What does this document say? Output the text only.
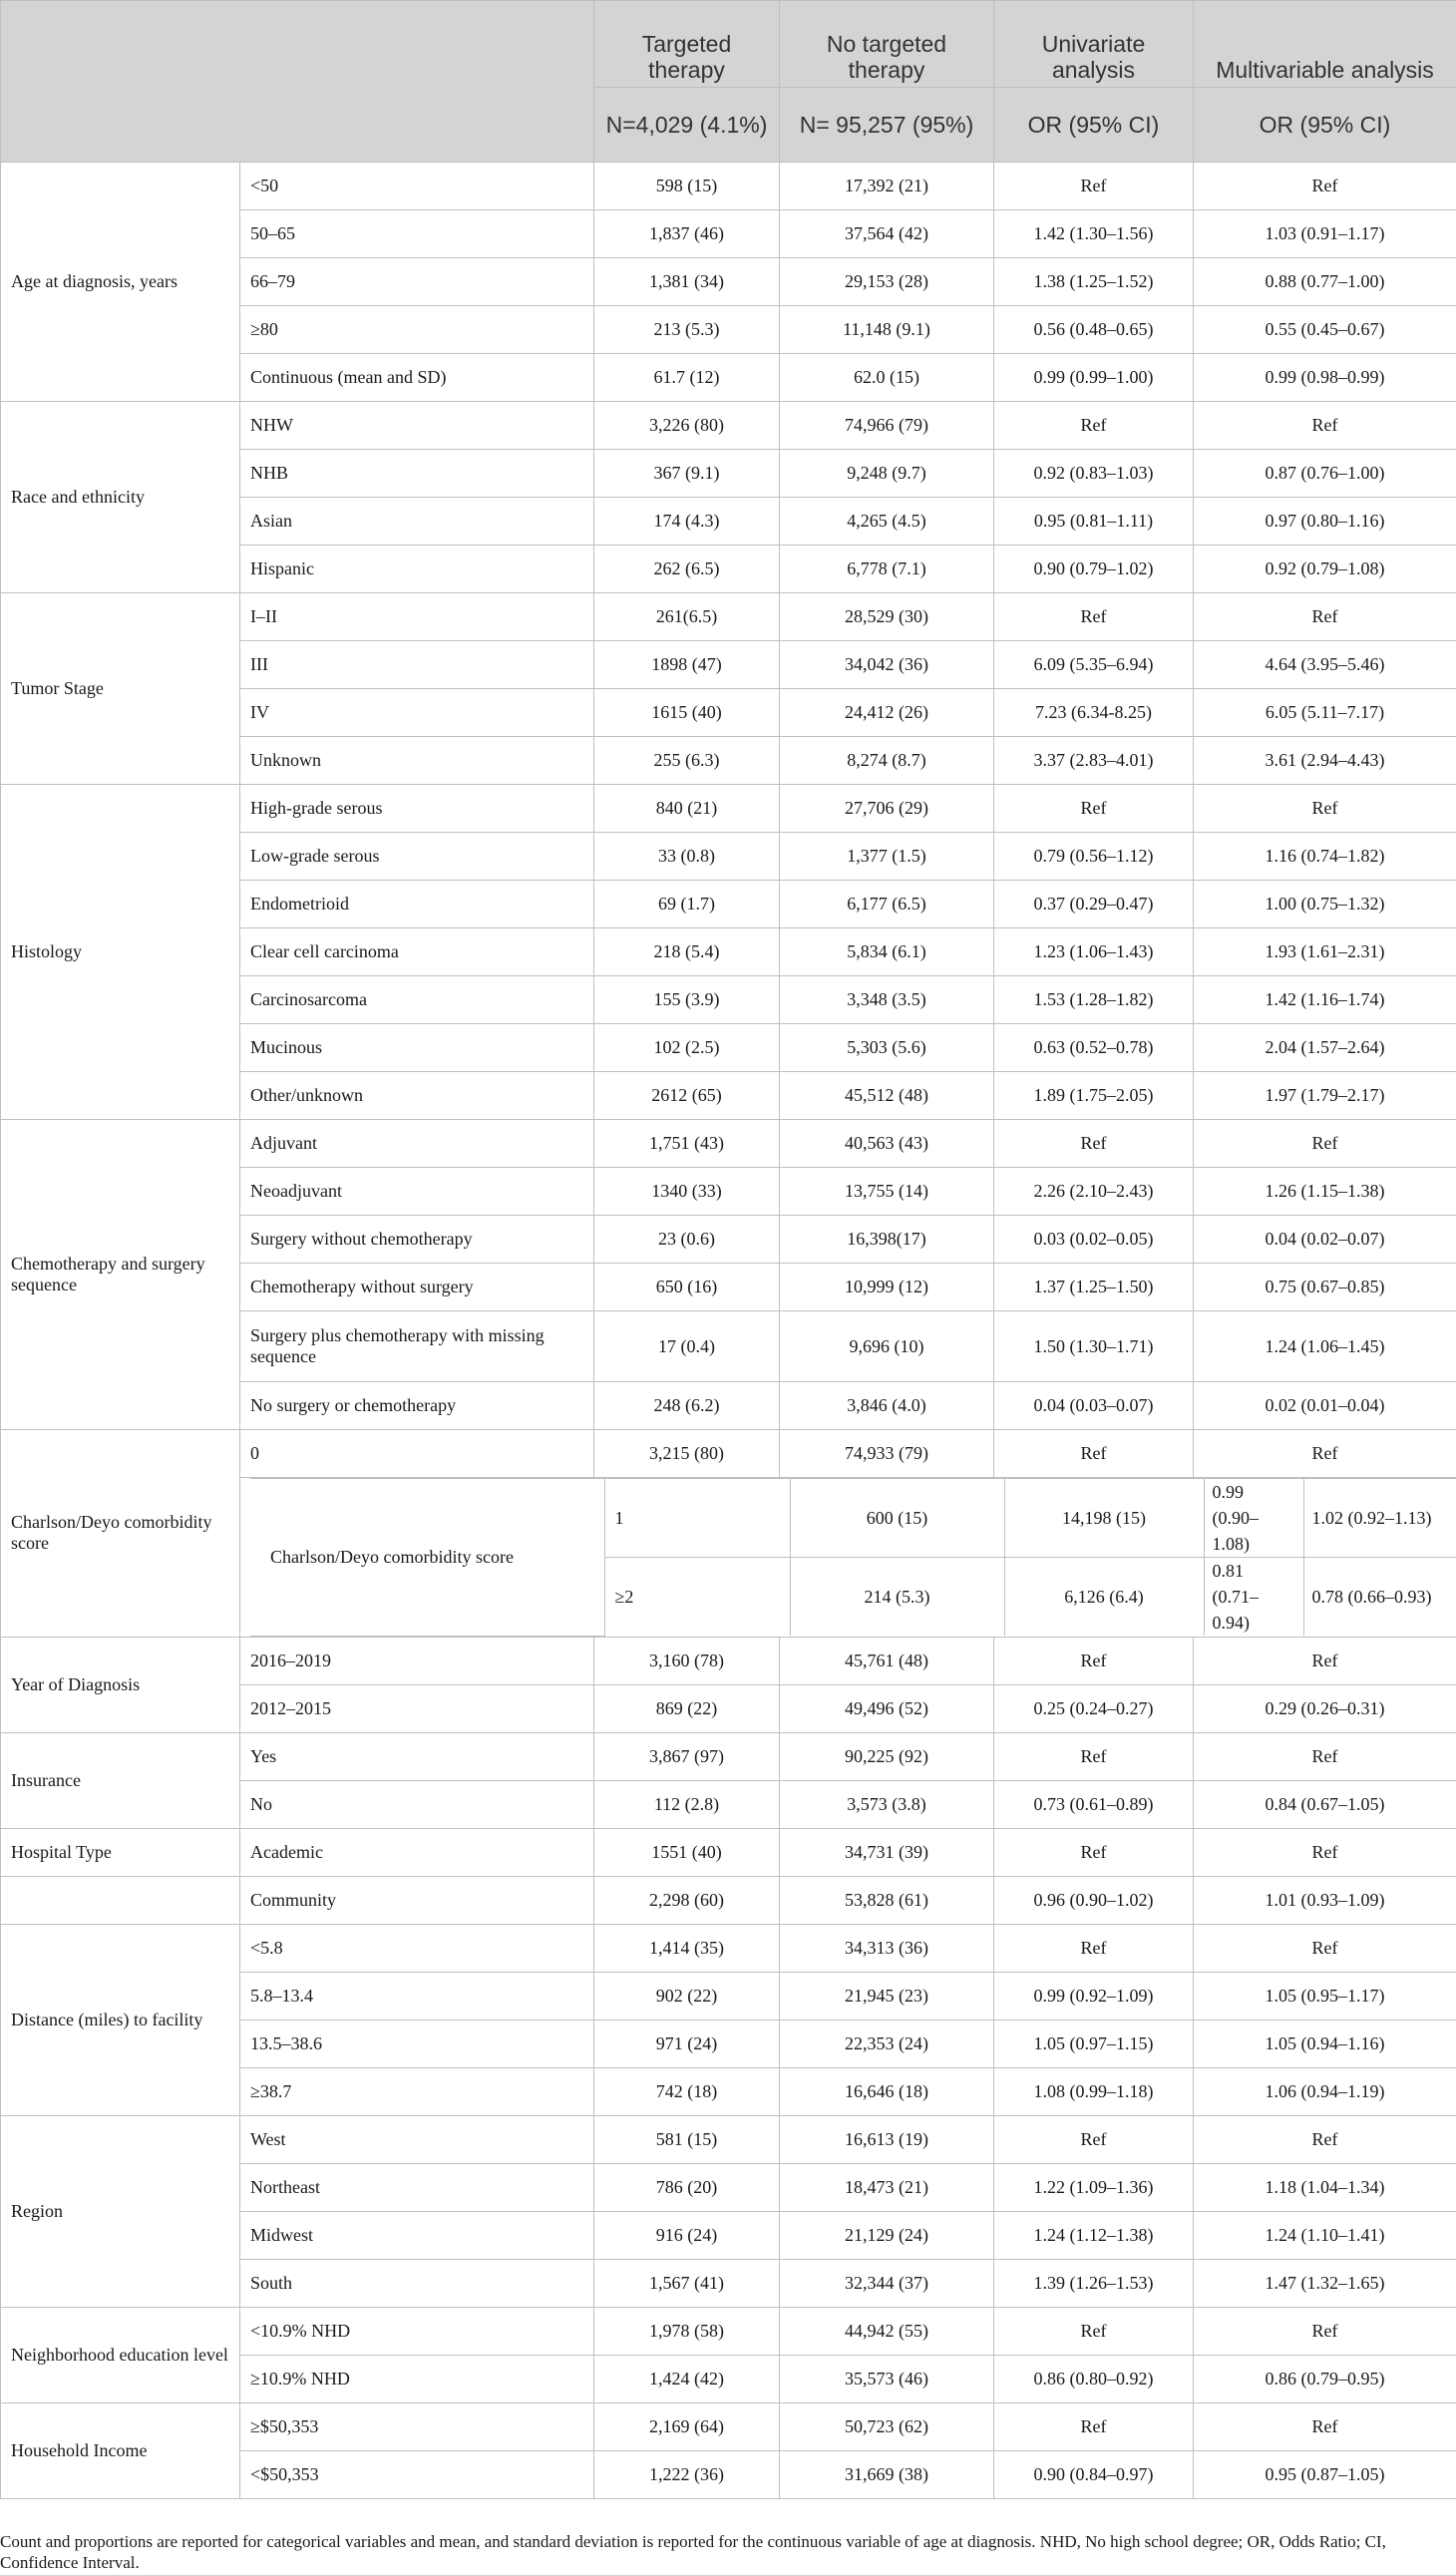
	Targeted therapy	No targeted therapy	Univariate analysis	Multivariable analysis
N=4,029 (4.1%)	N= 95,257 (95%)	OR (95% CI)	OR (95% CI)
Age at diagnosis, years	<50	598 (15)	17,392 (21)	Ref	Ref
50–65	1,837 (46)	37,564 (42)	1.42 (1.30–1.56)	1.03 (0.91–1.17)
66–79	1,381 (34)	29,153 (28)	1.38 (1.25–1.52)	0.88 (0.77–1.00)
≥80	213 (5.3)	11,148 (9.1)	0.56 (0.48–0.65)	0.55 (0.45–0.67)
Continuous (mean and SD)	61.7 (12)	62.0 (15)	0.99 (0.99–1.00)	0.99 (0.98–0.99)
Race and ethnicity	NHW	3,226 (80)	74,966 (79)	Ref	Ref
NHB	367 (9.1)	9,248 (9.7)	0.92 (0.83–1.03)	0.87 (0.76–1.00)
Asian	174 (4.3)	4,265 (4.5)	0.95 (0.81–1.11)	0.97 (0.80–1.16)
Hispanic	262 (6.5)	6,778 (7.1)	0.90 (0.79–1.02)	0.92 (0.79–1.08)
Tumor Stage	I–II	261(6.5)	28,529 (30)	Ref	Ref
III	1898 (47)	34,042 (36)	6.09 (5.35–6.94)	4.64 (3.95–5.46)
IV	1615 (40)	24,412 (26)	7.23 (6.34-8.25)	6.05 (5.11–7.17)
Unknown	255 (6.3)	8,274 (8.7)	3.37 (2.83–4.01)	3.61 (2.94–4.43)
Histology	High-grade serous	840 (21)	27,706 (29)	Ref	Ref
Low-grade serous	33 (0.8)	1,377 (1.5)	0.79 (0.56–1.12)	1.16 (0.74–1.82)
Endometrioid	69 (1.7)	6,177 (6.5)	0.37 (0.29–0.47)	1.00 (0.75–1.32)
Clear cell carcinoma	218 (5.4)	5,834 (6.1)	1.23 (1.06–1.43)	1.93 (1.61–2.31)
Carcinosarcoma	155 (3.9)	3,348 (3.5)	1.53 (1.28–1.82)	1.42 (1.16–1.74)
Mucinous	102 (2.5)	5,303 (5.6)	0.63 (0.52–0.78)	2.04 (1.57–2.64)
Other/unknown	2612 (65)	45,512 (48)	1.89 (1.75–2.05)	1.97 (1.79–2.17)
Chemotherapy and surgery sequence	Adjuvant	1,751 (43)	40,563 (43)	Ref	Ref
Neoadjuvant	1340 (33)	13,755 (14)	2.26 (2.10–2.43)	1.26 (1.15–1.38)
Surgery without chemotherapy	23 (0.6)	16,398(17)	0.03 (0.02–0.05)	0.04 (0.02–0.07)
Chemotherapy without surgery	650 (16)	10,999 (12)	1.37 (1.25–1.50)	0.75 (0.67–0.85)
Surgery plus chemotherapy with missing sequence	17 (0.4)	9,696 (10)	1.50 (1.30–1.71)	1.24 (1.06–1.45)
No surgery or chemotherapy	248 (6.2)	3,846 (4.0)	0.04 (0.03–0.07)	0.02 (0.01–0.04)
Charlson/Deyo comorbidity score	0	3,215 (80)	74,933 (79)	Ref	Ref

Charlson/Deyo comorbidity score	1	600 (15)	14,198 (15)	0.99 (0.90–1.08)	1.02 (0.92–1.13)
≥2	214 (5.3)	6,126 (6.4)	0.81 (0.71–0.94)	0.78 (0.66–0.93)

Year of Diagnosis	2016–2019	3,160 (78)	45,761 (48)	Ref	Ref
2012–2015	869 (22)	49,496 (52)	0.25 (0.24–0.27)	0.29 (0.26–0.31)
Insurance	Yes	3,867 (97)	90,225 (92)	Ref	Ref
No	112 (2.8)	3,573 (3.8)	0.73 (0.61–0.89)	0.84 (0.67–1.05)
Hospital Type	Academic	1551 (40)	34,731 (39)	Ref	Ref
	Community	2,298 (60)	53,828 (61)	0.96 (0.90–1.02)	1.01 (0.93–1.09)
Distance (miles) to facility	<5.8	1,414 (35)	34,313 (36)	Ref	Ref
5.8–13.4	902 (22)	21,945 (23)	0.99 (0.92–1.09)	1.05 (0.95–1.17)
13.5–38.6	971 (24)	22,353 (24)	1.05 (0.97–1.15)	1.05 (0.94–1.16)
≥38.7	742 (18)	16,646 (18)	1.08 (0.99–1.18)	1.06 (0.94–1.19)
Region	West	581 (15)	16,613 (19)	Ref	Ref
Northeast	786 (20)	18,473 (21)	1.22 (1.09–1.36)	1.18 (1.04–1.34)
Midwest	916 (24)	21,129 (24)	1.24 (1.12–1.38)	1.24 (1.10–1.41)
South	1,567 (41)	32,344 (37)	1.39 (1.26–1.53)	1.47 (1.32–1.65)
Neighborhood education level	<10.9% NHD	1,978 (58)	44,942 (55)	Ref	Ref
≥10.9% NHD	1,424 (42)	35,573 (46)	0.86 (0.80–0.92)	0.86 (0.79–0.95)
Household Income	≥$50,353	2,169 (64)	50,723 (62)	Ref	Ref
<$50,353	1,222 (36)	31,669 (38)	0.90 (0.84–0.97)	0.95 (0.87–1.05)
Count and proportions are reported for categorical variables and mean, and standard deviation is reported for the continuous variable of age at diagnosis. NHD, No high school degree; OR, Odds Ratio; CI, Confidence Interval.
